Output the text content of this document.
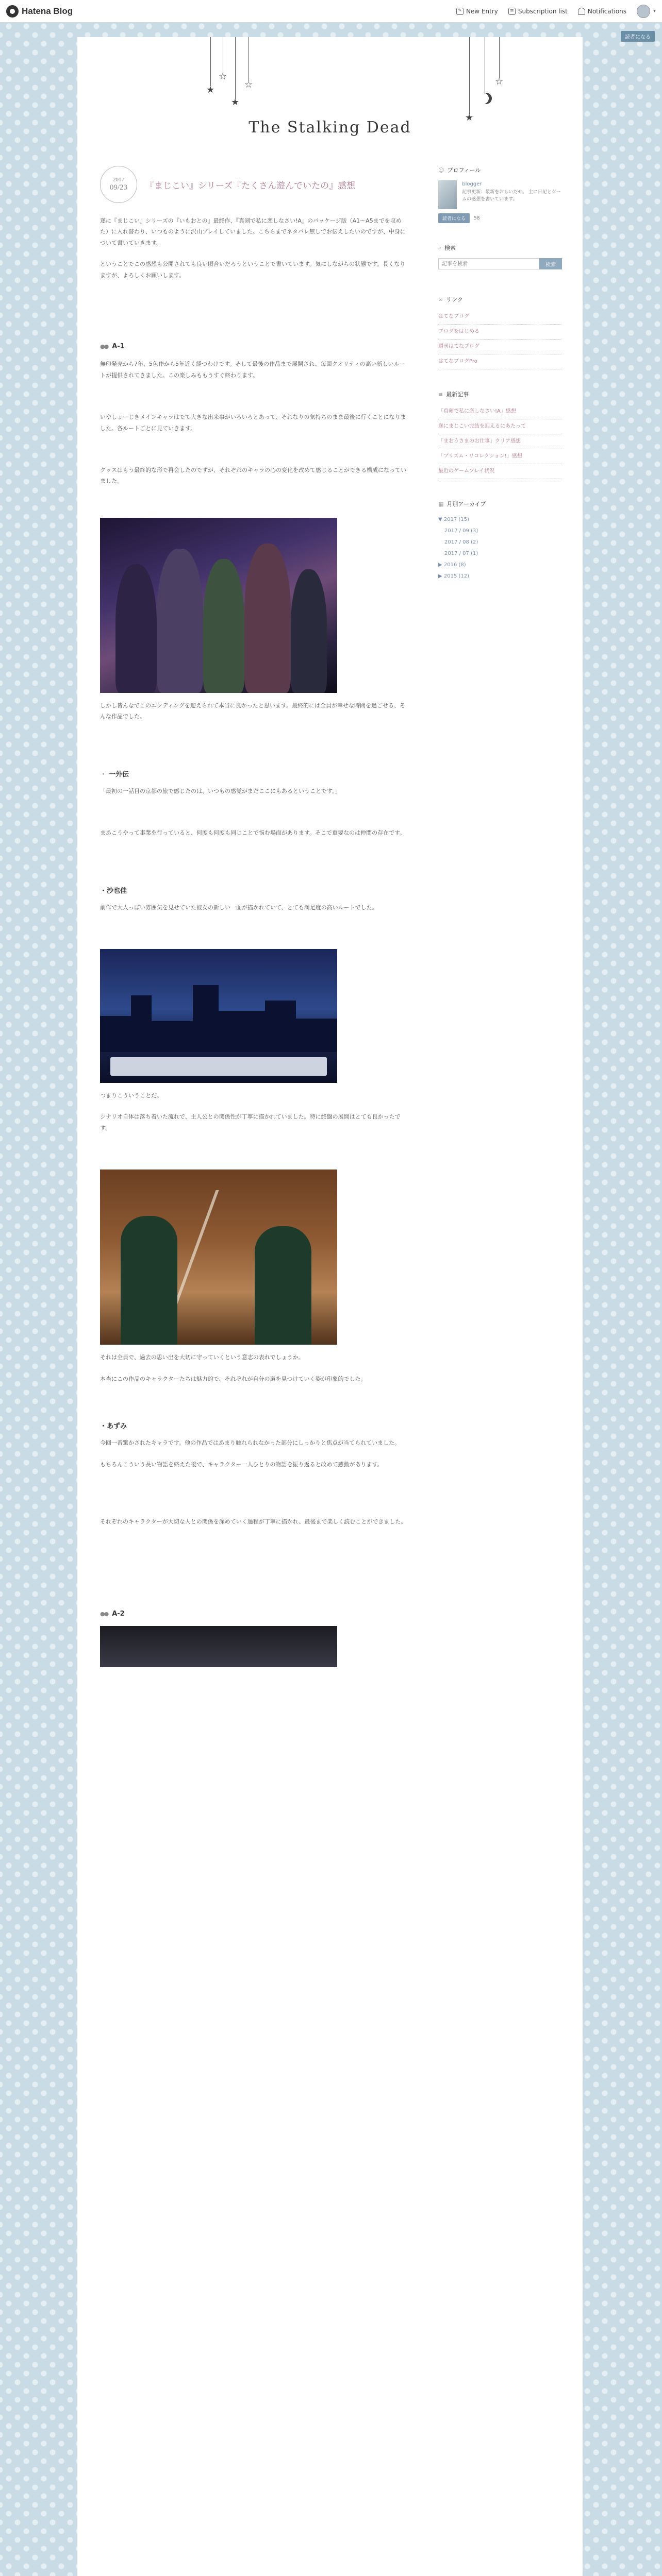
Hatena Blog	✎ New Entry	≡ Subscription list	Notifications	▾
読者になる
★
☆
★
☆
★
☆
The Stalking Dead
2017
09/23 『まじこい』シリーズ『たくさん遊んでいたの』感想

遂に『まじこい』シリーズの『いもおとの』最終作、『真剣で私に恋しなさい!A』のパッケージ版（A1〜A5までを収めた）に入れ替わり、いつものように沢山プレイしていました。こちらまでネタバレ無しでお伝えしたいのですが、中身について書いていきます。

ということでこの感想も公開されても良い頃合いだろうということで書いています。気にしながらの状態です。長くなりますが、よろしくお願いします。

●● A-1

無印発売から7年、5色作から5年近く経つわけです。そして最後の作品まで展開され、毎回クオリティの高い新しいルートが提供されてきました。この楽しみももうすぐ終わります。

いやしょーじきメインキャラはでて大きな出来事がいろいろとあって、それなりの気持ちのまま最後に行くことになりました。各ルートごとに見ていきます。

クッスはもう最終的な形で再会したのですが、それぞれのキャラの心の変化を改めて感じることができる構成になっていました。

しかし皆んなでこのエンディングを迎えられて本当に良かったと思います。最終的には全員が幸せな時間を過ごせる、そんな作品でした。

・ 一外伝

「最初の一話目の京都の旅で感じたのは、いつもの感覚がまだここにもあるということです。」

まあこうやって事業を行っていると、何度も何度も同じことで悩む場面があります。そこで重要なのは仲間の存在です。

・沙也佳

前作で大人っぽい雰囲気を見せていた彼女の新しい一面が描かれていて、とても満足度の高いルートでした。

つまりこういうことだ。

シナリオ自体は落ち着いた流れで、主人公との関係性が丁寧に描かれていました。特に終盤の展開はとても良かったです。

それは全員で、過去の思い出を大切に守っていくという意志の表れでしょうか。

本当にこの作品のキャラクターたちは魅力的で、それぞれが自分の道を見つけていく姿が印象的でした。

・あずみ

今回一番驚かされたキャラです。他の作品ではあまり触れられなかった部分にしっかりと焦点が当てられていました。

もちろんこういう長い物語を終えた後で、キャラクター一人ひとりの物語を振り返ると改めて感動があります。

それぞれのキャラクターが大切な人との関係を深めていく過程が丁寧に描かれ、最後まで楽しく読むことができました。

●● A-2
☺ プロフィール
blogger
記事更新：最新をおもいだせ。 主に日記とゲームの感想を書いています。
読者になる	58
⌕ 検索
記事を検索
検索
∞ リンク
はてなブログ
ブログをはじめる
週刊はてなブログ
はてなブログPro
≡ 最新記事
「真剣で私に恋しなさい!A」感想
遂にまじこい完結を迎えるにあたって
「まおうさまのお仕事」クリア感想
「プリズム・リコレクション!」感想
最近のゲームプレイ状況
▦ 月別アーカイブ
▼ 2017 (15)
2017 / 09 (3)
2017 / 08 (2)
2017 / 07 (1)
▶ 2016 (8)
▶ 2015 (12)
